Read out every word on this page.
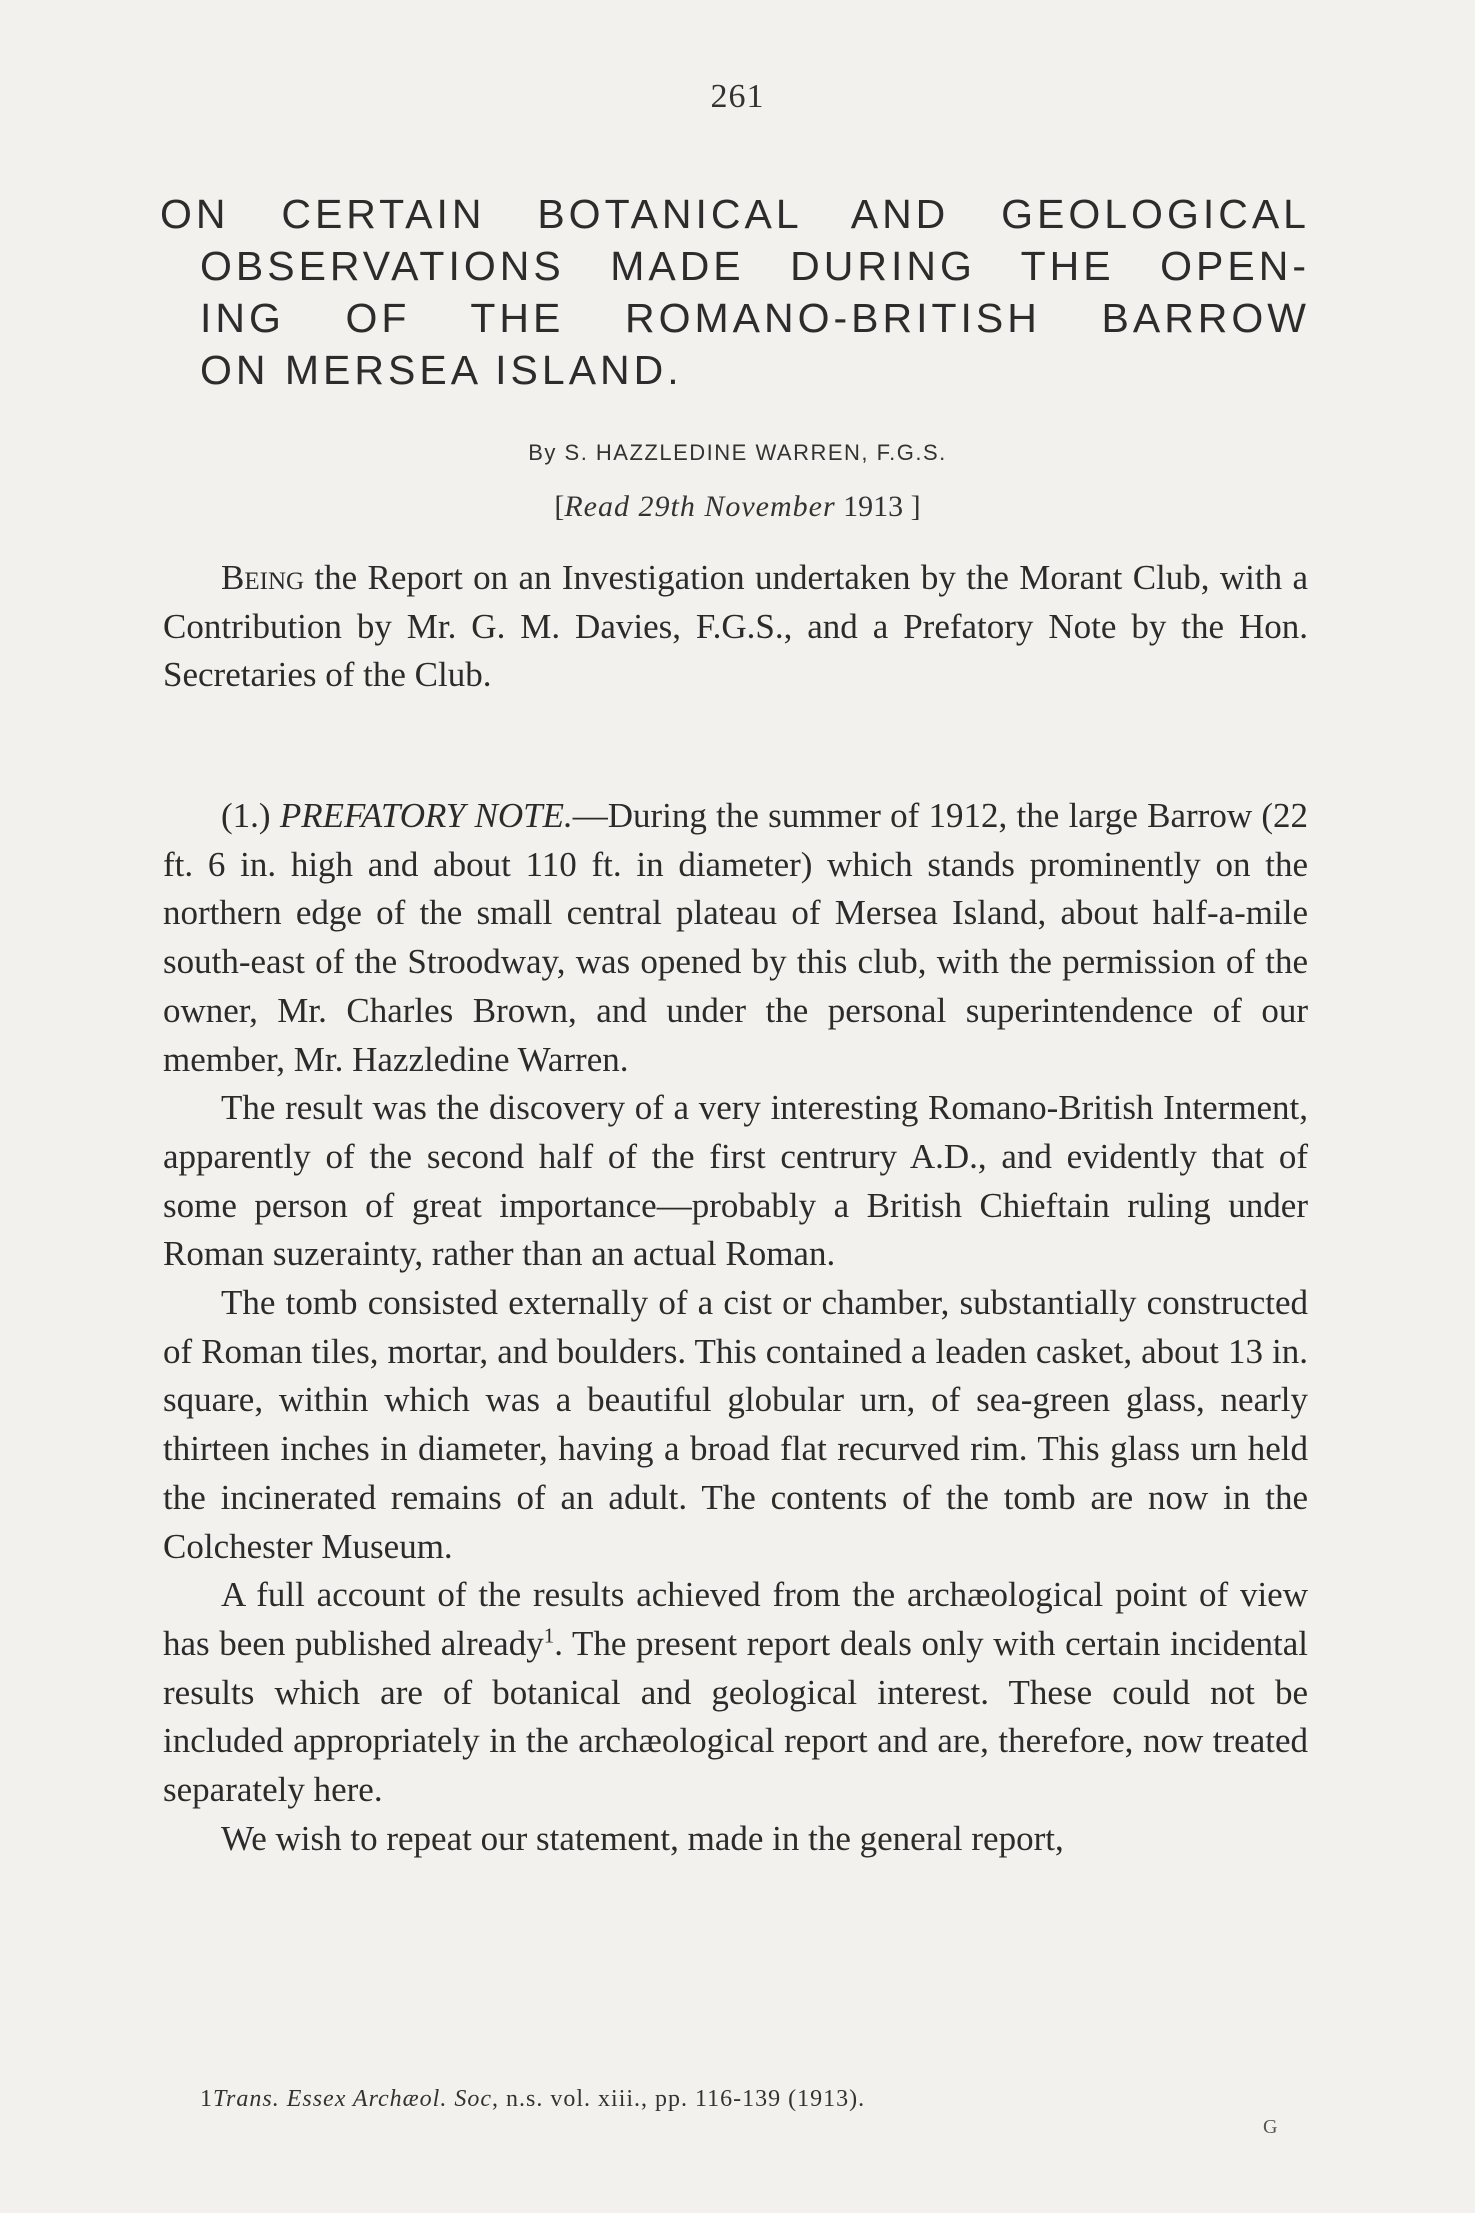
261
ON CERTAIN BOTANICAL AND GEOLOGICAL
OBSERVATIONS MADE DURING THE OPEN-
ING OF THE ROMANO-BRITISH BARROW
ON MERSEA ISLAND.
By S. HAZZLEDINE WARREN, F.G.S.
[Read 29th November 1913 ]

Being the Report on an Investigation undertaken by the Morant Club, with a Contribution by Mr. G. M. Davies, F.G.S., and a Prefatory Note by the Hon. Secretaries of the Club.

(1.) PREFATORY NOTE.—During the summer of 1912, the large Barrow (22 ft. 6 in. high and about 110 ft. in diameter) which stands prominently on the northern edge of the small central plateau of Mersea Island, about half-a-mile south-east of the Stroodway, was opened by this club, with the permission of the owner, Mr. Charles Brown, and under the personal superintendence of our member, Mr. Hazzledine Warren.

The result was the discovery of a very interesting Romano-British Interment, apparently of the second half of the first centrury A.D., and evidently that of some person of great importance—probably a British Chieftain ruling under Roman suzerainty, rather than an actual Roman.

The tomb consisted externally of a cist or chamber, substantially constructed of Roman tiles, mortar, and boulders. This contained a leaden casket, about 13 in. square, within which was a beautiful globular urn, of sea-green glass, nearly thirteen inches in diameter, having a broad flat recurved rim. This glass urn held the incinerated remains of an adult. The contents of the tomb are now in the Colchester Museum.

A full account of the results achieved from the archæological point of view has been published already$^1$. The present report deals only with certain incidental results which are of botanical and geological interest. These could not be included appropriately in the archæological report and are, therefore, now treated separately here.

We wish to repeat our statement, made in the general report,

1Trans. Essex Archæol. Soc, n.s. vol. xiii., pp. 116-139 (1913).
G
